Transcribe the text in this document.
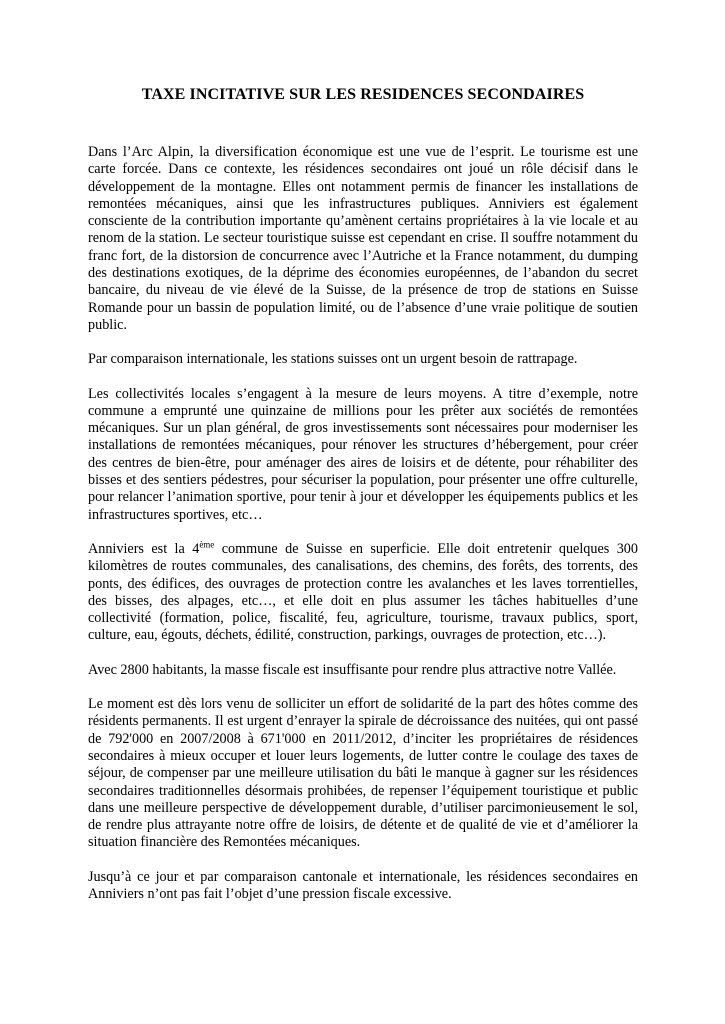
TAXE INCITATIVE SUR LES RESIDENCES SECONDAIRES

Dans l’Arc Alpin, la diversification économique est une vue de l’esprit. Le tourisme est une carte forcée. Dans ce contexte, les résidences secondaires ont joué un rôle décisif dans le développement de la montagne. Elles ont notamment permis de financer les installations de remontées mécaniques, ainsi que les infrastructures publiques. Anniviers est également consciente de la contribution importante qu’amènent certains propriétaires à la vie locale et au renom de la station. Le secteur touristique suisse est cependant en crise. Il souffre notamment du franc fort, de la distorsion de concurrence avec l’Autriche et la France notamment, du dumping des destinations exotiques, de la déprime des économies européennes, de l’abandon du secret bancaire, du niveau de vie élevé de la Suisse, de la présence de trop de stations en Suisse Romande pour un bassin de population limité, ou de l’absence d’une vraie politique de soutien public.

Par comparaison internationale, les stations suisses ont un urgent besoin de rattrapage.

Les collectivités locales s’engagent à la mesure de leurs moyens. A titre d’exemple, notre commune a emprunté une quinzaine de millions pour les prêter aux sociétés de remontées mécaniques. Sur un plan général, de gros investissements sont nécessaires pour moderniser les installations de remontées mécaniques, pour rénover les structures d’hébergement, pour créer des centres de bien-être, pour aménager des aires de loisirs et de détente, pour réhabiliter des bisses et des sentiers pédestres, pour sécuriser la population, pour présenter une offre culturelle, pour relancer l’animation sportive, pour tenir à jour et développer les équipements publics et les infrastructures sportives, etc…

Anniviers est la 4ème commune de Suisse en superficie. Elle doit entretenir quelques 300 kilomètres de routes communales, des canalisations, des chemins, des forêts, des torrents, des ponts, des édifices, des ouvrages de protection contre les avalanches et les laves torrentielles, des bisses, des alpages, etc…, et elle doit en plus assumer les tâches habituelles d’une collectivité (formation, police, fiscalité, feu, agriculture, tourisme, travaux publics, sport, culture, eau, égouts, déchets, édilité, construction, parkings, ouvrages de protection, etc…).

Avec 2800 habitants, la masse fiscale est insuffisante pour rendre plus attractive notre Vallée.

Le moment est dès lors venu de solliciter un effort de solidarité de la part des hôtes comme des résidents permanents. Il est urgent d’enrayer la spirale de décroissance des nuitées, qui ont passé de 792'000 en 2007/2008 à 671'000 en 2011/2012, d’inciter les propriétaires de résidences secondaires à mieux occuper et louer leurs logements, de lutter contre le coulage des taxes de séjour, de compenser par une meilleure utilisation du bâti le manque à gagner sur les résidences secondaires traditionnelles désormais prohibées, de repenser l’équipement touristique et public dans une meilleure perspective de développement durable, d’utiliser parcimonieusement le sol, de rendre plus attrayante notre offre de loisirs, de détente et de qualité de vie et d’améliorer la situation financière des Remontées mécaniques.

Jusqu’à ce jour et par comparaison cantonale et internationale, les résidences secondaires en Anniviers n’ont pas fait l’objet d’une pression fiscale excessive.
